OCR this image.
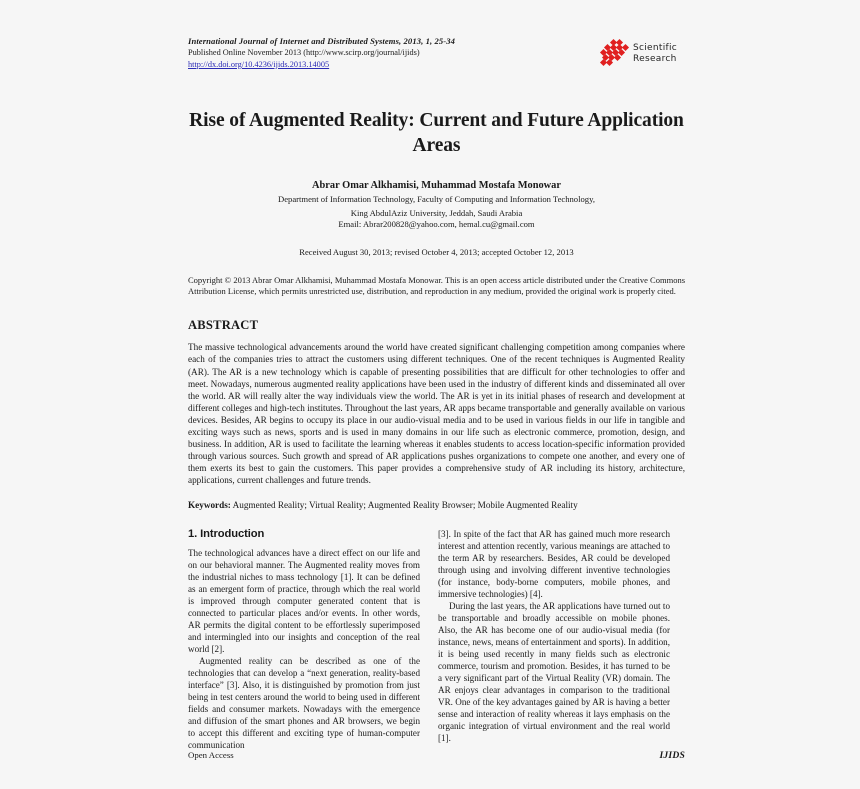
International Journal of Internet and Distributed Systems, 2013, 1, 25-34
Published Online November 2013 (http://www.scirp.org/journal/ijids)
http://dx.doi.org/10.4236/ijids.2013.14005
Scientific
Research
Rise of Augmented Reality: Current and Future Application Areas
Abrar Omar Alkhamisi, Muhammad Mostafa Monowar
Department of Information Technology, Faculty of Computing and Information Technology,
King AbdulAziz University, Jeddah, Saudi Arabia
Email: Abrar200828@yahoo.com, hemal.cu@gmail.com
Received August 30, 2013; revised October 4, 2013; accepted October 12, 2013
Copyright © 2013 Abrar Omar Alkhamisi, Muhammad Mostafa Monowar. This is an open access article distributed under the Creative Commons Attribution License, which permits unrestricted use, distribution, and reproduction in any medium, provided the original work is properly cited.
ABSTRACT
The massive technological advancements around the world have created significant challenging competition among companies where each of the companies tries to attract the customers using different techniques. One of the recent techniques is Augmented Reality (AR). The AR is a new technology which is capable of presenting possibilities that are difficult for other technologies to offer and meet. Nowadays, numerous augmented reality applications have been used in the industry of different kinds and disseminated all over the world. AR will really alter the way individuals view the world. The AR is yet in its initial phases of research and development at different colleges and high-tech institutes. Throughout the last years, AR apps became transportable and generally available on various devices. Besides, AR begins to occupy its place in our audio-visual media and to be used in various fields in our life in tangible and exciting ways such as news, sports and is used in many domains in our life such as electronic commerce, promotion, design, and business. In addition, AR is used to facilitate the learning whereas it enables students to access location-specific information provided through various sources. Such growth and spread of AR applications pushes organizations to compete one another, and every one of them exerts its best to gain the customers. This paper provides a comprehensive study of AR including its history, architecture, applications, current challenges and future trends.
Keywords: Augmented Reality; Virtual Reality; Augmented Reality Browser; Mobile Augmented Reality
1. Introduction

The technological advances have a direct effect on our life and on our behavioral manner. The Augmented reality moves from the industrial niches to mass technology [1]. It can be defined as an emergent form of practice, through which the real world is improved through computer generated content that is connected to particular places and/or events. In other words, AR permits the digital content to be effortlessly superimposed and intermingled into our insights and conception of the real world [2].

Augmented reality can be described as one of the technologies that can develop a “next generation, reality-based interface” [3]. Also, it is distinguished by promotion from just being in test centers around the world to being used in different fields and consumer markets. Nowadays with the emergence and diffusion of the smart phones and AR browsers, we begin to accept this different and exciting type of human-computer communication

[3]. In spite of the fact that AR has gained much more research interest and attention recently, various meanings are attached to the term AR by researchers. Besides, AR could be developed through using and involving different inventive technologies (for instance, body-borne computers, mobile phones, and immersive technologies) [4].

During the last years, the AR applications have turned out to be transportable and broadly accessible on mobile phones. Also, the AR has become one of our audio-visual media (for instance, news, means of entertainment and sports). In addition, it is being used recently in many fields such as electronic commerce, tourism and promotion. Besides, it has turned to be a very significant part of the Virtual Reality (VR) domain. The AR enjoys clear advantages in comparison to the traditional VR. One of the key advantages gained by AR is having a better sense and interaction of reality whereas it lays emphasis on the organic integration of virtual environment and the real world [1].

Open Access	IJIDS
